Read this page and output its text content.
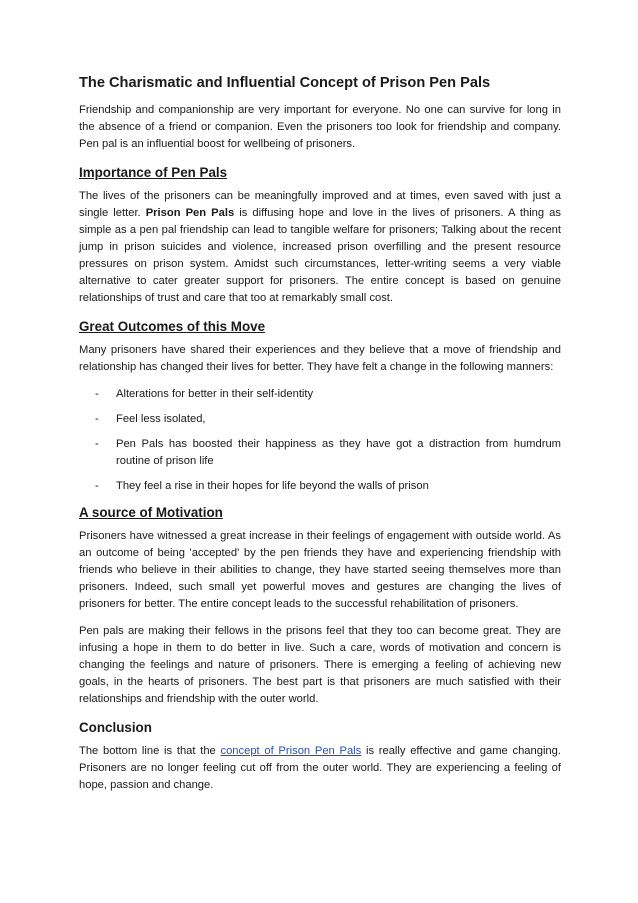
The Charismatic and Influential Concept of Prison Pen Pals

Friendship and companionship are very important for everyone. No one can survive for long in the absence of a friend or companion. Even the prisoners too look for friendship and company. Pen pal is an influential boost for wellbeing of prisoners.

Importance of Pen Pals

The lives of the prisoners can be meaningfully improved and at times, even saved with just a single letter. Prison Pen Pals is diffusing hope and love in the lives of prisoners. A thing as simple as a pen pal friendship can lead to tangible welfare for prisoners; Talking about the recent jump in prison suicides and violence, increased prison overfilling and the present resource pressures on prison system. Amidst such circumstances, letter-writing seems a very viable alternative to cater greater support for prisoners. The entire concept is based on genuine relationships of trust and care that too at remarkably small cost.

Great Outcomes of this Move

Many prisoners have shared their experiences and they believe that a move of friendship and relationship has changed their lives for better. They have felt a change in the following manners:

- Alterations for better in their self-identity
- Feel less isolated,
- Pen Pals has boosted their happiness as they have got a distraction from humdrum routine of prison life
- They feel a rise in their hopes for life beyond the walls of prison
A source of Motivation

Prisoners have witnessed a great increase in their feelings of engagement with outside world. As an outcome of being 'accepted' by the pen friends they have and experiencing friendship with friends who believe in their abilities to change, they have started seeing themselves more than prisoners. Indeed, such small yet powerful moves and gestures are changing the lives of prisoners for better. The entire concept leads to the successful rehabilitation of prisoners.

Pen pals are making their fellows in the prisons feel that they too can become great. They are infusing a hope in them to do better in live. Such a care, words of motivation and concern is changing the feelings and nature of prisoners. There is emerging a feeling of achieving new goals, in the hearts of prisoners. The best part is that prisoners are much satisfied with their relationships and friendship with the outer world.

Conclusion

The bottom line is that the concept of Prison Pen Pals is really effective and game changing. Prisoners are no longer feeling cut off from the outer world. They are experiencing a feeling of hope, passion and change.
